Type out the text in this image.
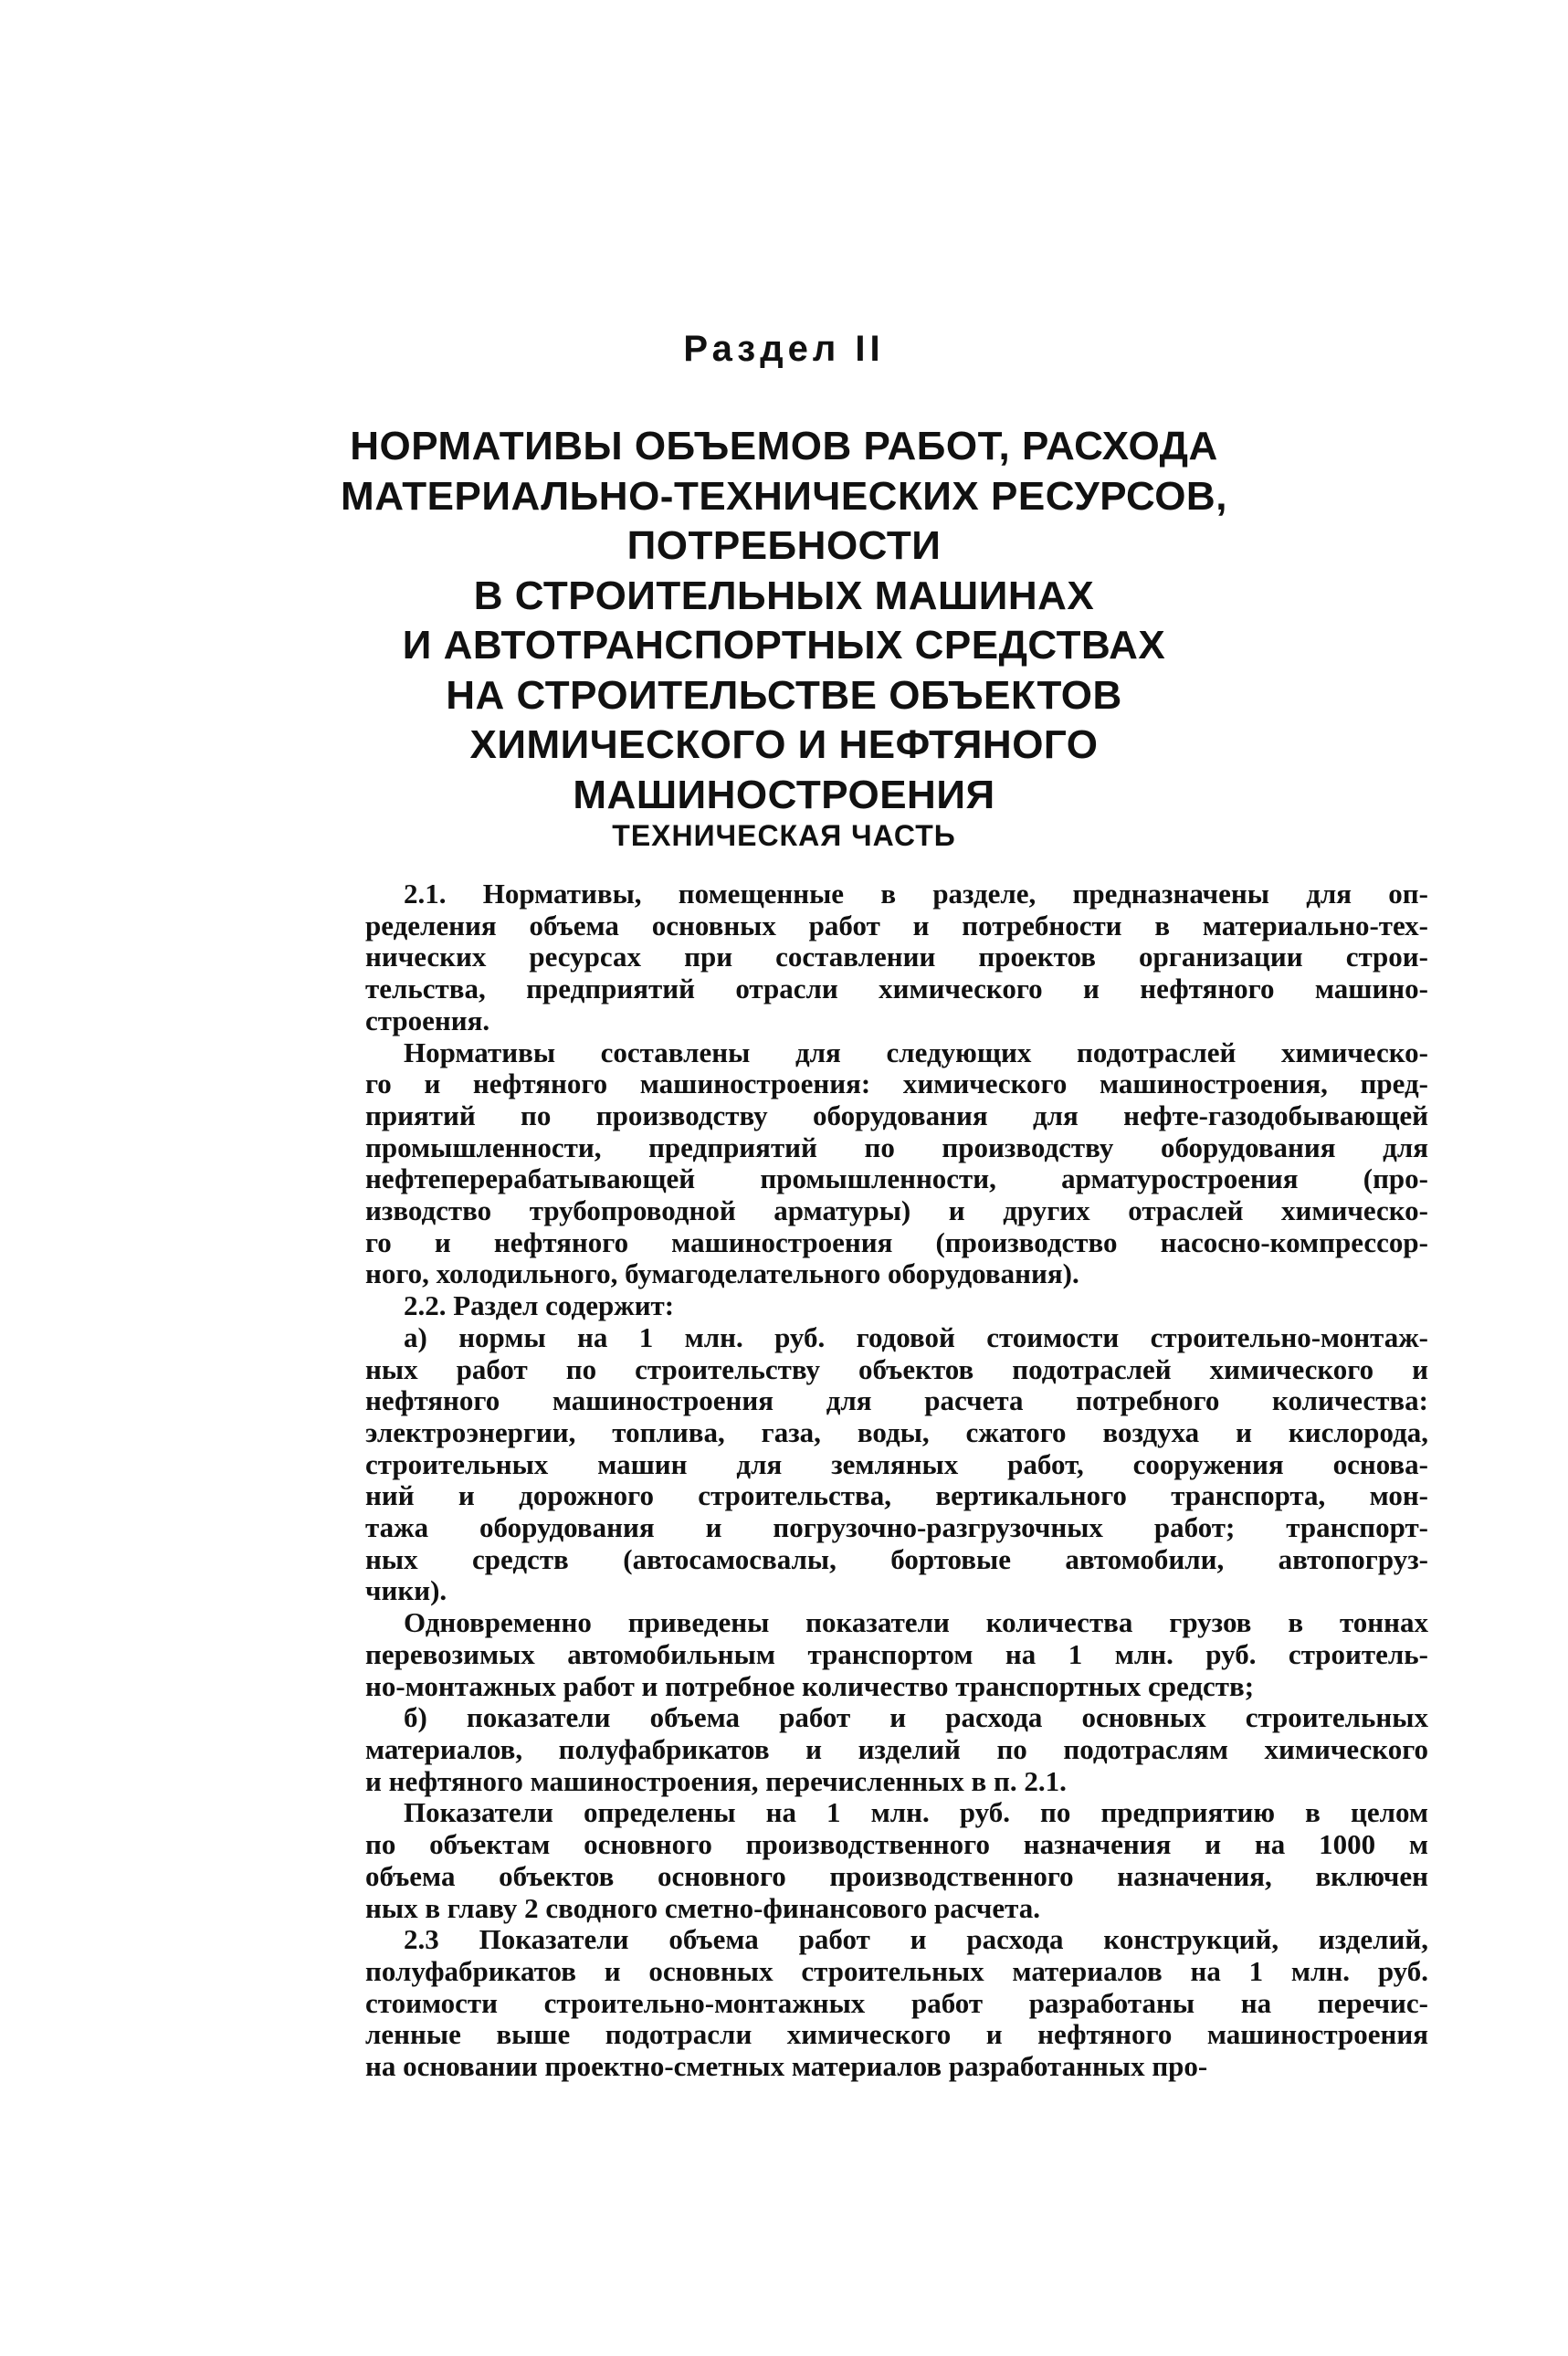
Раздел II
НОРМАТИВЫ ОБЪЕМОВ РАБОТ, РАСХОДА
МАТЕРИАЛЬНО-ТЕХНИЧЕСКИХ РЕСУРСОВ,
ПОТРЕБНОСТИ
В СТРОИТЕЛЬНЫХ МАШИНАХ
И АВТОТРАНСПОРТНЫХ СРЕДСТВАХ
НА СТРОИТЕЛЬСТВЕ ОБЪЕКТОВ
ХИМИЧЕСКОГО И НЕФТЯНОГО
МАШИНОСТРОЕНИЯ
ТЕХНИЧЕСКАЯ ЧАСТЬ

2.1. Нормативы, помещенные в разделе, предназначены для оп-
ределения объема основных работ и потребности в материально-тех-
нических ресурсах при составлении проектов организации строи-
тельства, предприятий отрасли химического и нефтяного машино-
строения.

Нормативы составлены для следующих подотраслей химическо-
го и нефтяного машиностроения: химического машиностроения, пред-
приятий по производству оборудования для нефте-газодобывающей
промышленности, предприятий по производству оборудования для
нефтеперерабатывающей промышленности, арматуростроения (про-
изводство трубопроводной арматуры) и других отраслей химическо-
го и нефтяного машиностроения (производство насосно-компрессор-
ного, холодильного, бумагоделательного оборудования).

2.2. Раздел содержит:

а) нормы на 1 млн. руб. годовой стоимости строительно-монтаж-
ных работ по строительству объектов подотраслей химического и
нефтяного машиностроения для расчета потребного количества:
электроэнергии, топлива, газа, воды, сжатого воздуха и кислорода,
строительных машин для земляных работ, сооружения основа-
ний и дорожного строительства, вертикального транспорта, мон-
тажа оборудования и погрузочно-разгрузочных работ; транспорт-
ных средств (автосамосвалы, бортовые автомобили, автопогруз-
чики).

Одновременно приведены показатели количества грузов в тоннах
перевозимых автомобильным транспортом на 1 млн. руб. строитель-
но-монтажных работ и потребное количество транспортных средств;

б) показатели объема работ и расхода основных строительных
материалов, полуфабрикатов и изделий по подотраслям химического
и нефтяного машиностроения, перечисленных в п. 2.1.

Показатели определены на 1 млн. руб. по предприятию в целом
по объектам основного производственного назначения и на 1000 м
объема объектов основного производственного назначения, включен
ных в главу 2 сводного сметно-финансового расчета.

2.3 Показатели объема работ и расхода конструкций, изделий,
полуфабрикатов и основных строительных материалов на 1 млн. руб.
стоимости строительно-монтажных работ разработаны на перечис-
ленные выше подотрасли химического и нефтяного машиностроения
на основании проектно-сметных материалов разработанных про-
